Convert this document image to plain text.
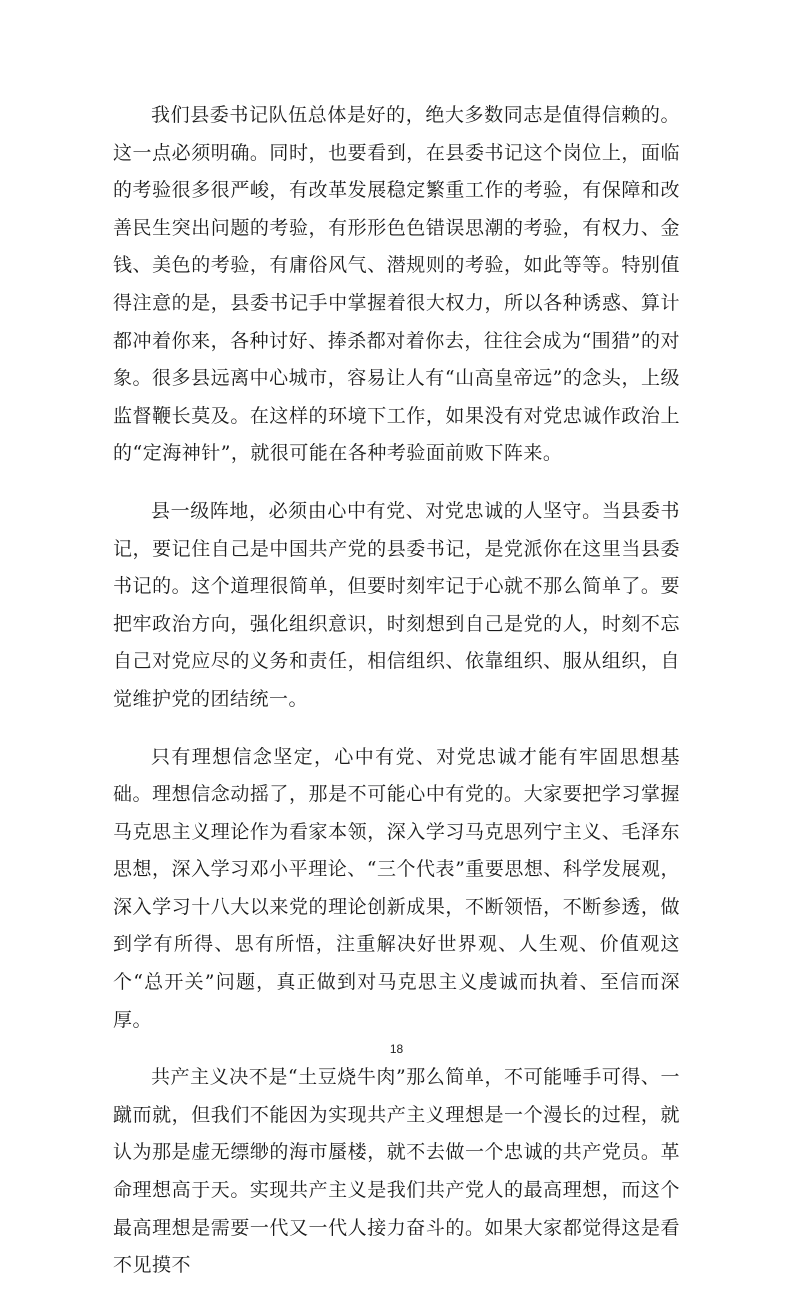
我们县委书记队伍总体是好的，绝大多数同志是值得信赖的。这一点必须明确。同时，也要看到，在县委书记这个岗位上，面临的考验很多很严峻，有改革发展稳定繁重工作的考验，有保障和改善民生突出问题的考验，有形形色色错误思潮的考验，有权力、金钱、美色的考验，有庸俗风气、潜规则的考验，如此等等。特别值得注意的是，县委书记手中掌握着很大权力，所以各种诱惑、算计都冲着你来，各种讨好、捧杀都对着你去，往往会成为“围猎”的对象。很多县远离中心城市，容易让人有“山高皇帝远”的念头，上级监督鞭长莫及。在这样的环境下工作，如果没有对党忠诚作政治上的“定海神针”，就很可能在各种考验面前败下阵来。

县一级阵地，必须由心中有党、对党忠诚的人坚守。当县委书记，要记住自己是中国共产党的县委书记，是党派你在这里当县委书记的。这个道理很简单，但要时刻牢记于心就不那么简单了。要把牢政治方向，强化组织意识，时刻想到自己是党的人，时刻不忘自己对党应尽的义务和责任，相信组织、依靠组织、服从组织，自觉维护党的团结统一。

只有理想信念坚定，心中有党、对党忠诚才能有牢固思想基础。理想信念动摇了，那是不可能心中有党的。大家要把学习掌握马克思主义理论作为看家本领，深入学习马克思列宁主义、毛泽东思想，深入学习邓小平理论、“三个代表”重要思想、科学发展观，深入学习十八大以来党的理论创新成果，不断领悟，不断参透，做到学有所得、思有所悟，注重解决好世界观、人生观、价值观这个“总开关”问题，真正做到对马克思主义虔诚而执着、至信而深厚。

共产主义决不是“土豆烧牛肉”那么简单，不可能唾手可得、一蹴而就，但我们不能因为实现共产主义理想是一个漫长的过程，就认为那是虚无缥缈的海市蜃楼，就不去做一个忠诚的共产党员。革命理想高于天。实现共产主义是我们共产党人的最高理想，而这个最高理想是需要一代又一代人接力奋斗的。如果大家都觉得这是看不见摸不

18
